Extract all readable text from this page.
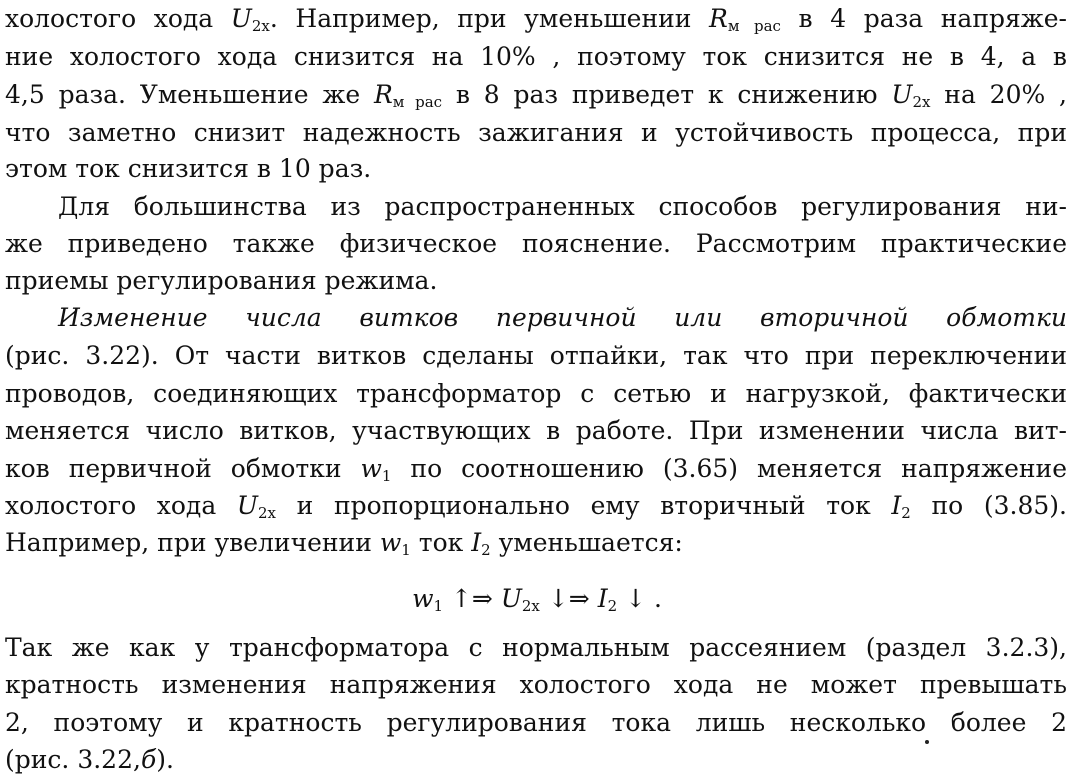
холостого хода $U_{2x}$. Например, при уменьшении $R_{м рас}$ в 4 раза напряже-
ние холостого хода снизится на 10% , поэтому ток снизится не в 4, а в
4,5 раза. Уменьшение же $R_{м рас}$ в 8 раз приведет к снижению $U_{2x}$ на 20% ,
что заметно снизит надежность зажигания и устойчивость процесса, при
этом ток снизится в 10 раз.
Для большинства из распространенных способов регулирования ни-
же приведено также физическое пояснение. Рассмотрим практические
приемы регулирования режима.
Изменение числа витков первичной или вторичной обмотки
(рис. 3.22). От части витков сделаны отпайки, так что при переключении
проводов, соединяющих трансформатор с сетью и нагрузкой, фактически
меняется число витков, участвующих в работе. При изменении числа вит-
ков первичной обмотки $w_1$ по соотношению (3.65) меняется напряжение
холостого хода $U_{2x}$ и пропорционально ему вторичный ток $I_2$ по (3.85).
Например, при увеличении $w_1$ ток $I_2$ уменьшается:
$w_1$ ↑⇒ $U_{2x}$ ↓⇒ $I_2$ ↓ .
Так же как у трансформатора с нормальным рассеянием (раздел 3.2.3),
кратность изменения напряжения холостого хода не может превышать
2, поэтому и кратность регулирования тока лишь несколько более 2
(рис. 3.22,б).
